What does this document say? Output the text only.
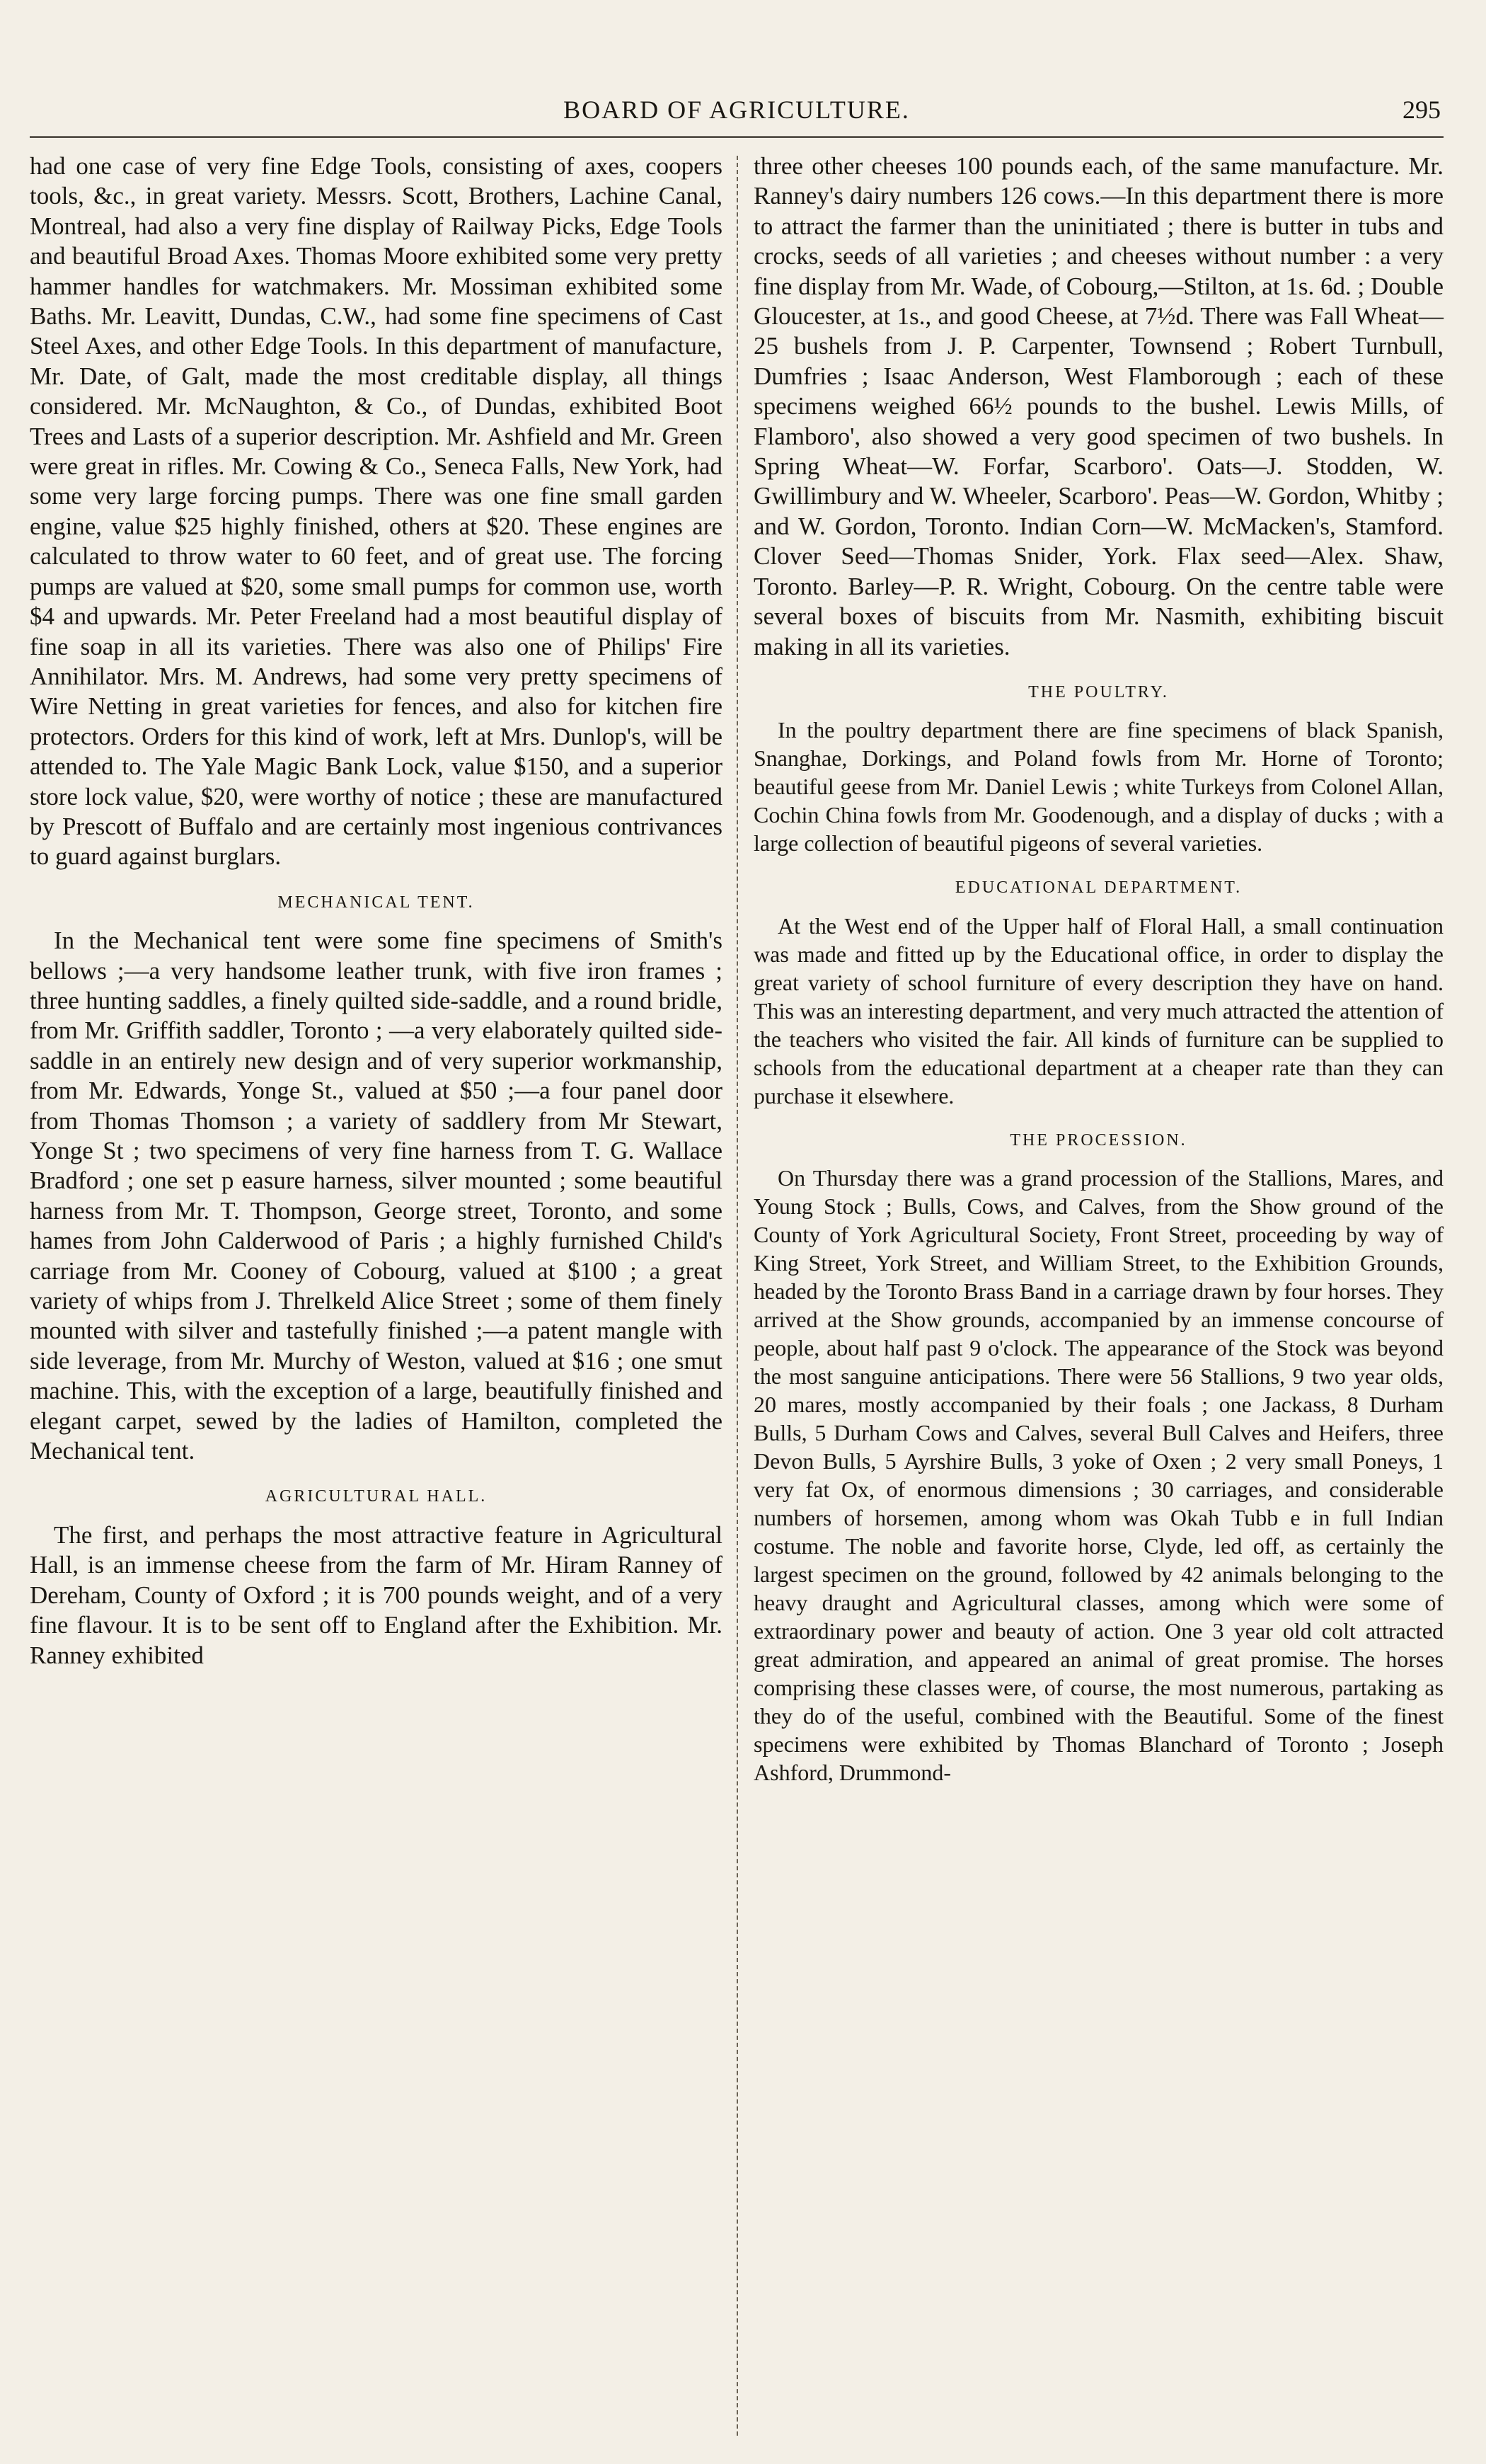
BOARD OF AGRICULTURE.	295

had one case of very fine Edge Tools, consisting of axes, coopers tools, &c., in great variety. Messrs. Scott, Brothers, Lachine Canal, Montreal, had also a very fine display of Railway Picks, Edge Tools and beautiful Broad Axes. Thomas Moore exhibited some very pretty hammer handles for watchmakers. Mr. Mossiman exhibited some Baths. Mr. Leavitt, Dundas, C.W., had some fine specimens of Cast Steel Axes, and other Edge Tools. In this department of manufacture, Mr. Date, of Galt, made the most creditable display, all things considered. Mr. McNaughton, & Co., of Dundas, exhibited Boot Trees and Lasts of a superior description. Mr. Ashfield and Mr. Green were great in rifles. Mr. Cowing & Co., Seneca Falls, New York, had some very large forcing pumps. There was one fine small garden engine, value $25 highly finished, others at $20. These engines are calculated to throw water to 60 feet, and of great use. The forcing pumps are valued at $20, some small pumps for common use, worth $4 and upwards. Mr. Peter Freeland had a most beautiful display of fine soap in all its varieties. There was also one of Philips' Fire Annihilator. Mrs. M. Andrews, had some very pretty specimens of Wire Netting in great varieties for fences, and also for kitchen fire protectors. Orders for this kind of work, left at Mrs. Dunlop's, will be attended to. The Yale Magic Bank Lock, value $150, and a superior store lock value, $20, were worthy of notice ; these are manufactured by Prescott of Buffalo and are certainly most ingenious contrivances to guard against burglars.

MECHANICAL TENT.

In the Mechanical tent were some fine specimens of Smith's bellows ;—a very handsome leather trunk, with five iron frames ; three hunting saddles, a finely quilted side-saddle, and a round bridle, from Mr. Griffith saddler, Toronto ; —a very elaborately quilted side-saddle in an entirely new design and of very superior workmanship, from Mr. Edwards, Yonge St., valued at $50 ;—a four panel door from Thomas Thomson ; a variety of saddlery from Mr Stewart, Yonge St ; two specimens of very fine harness from T. G. Wallace Bradford ; one set p easure harness, silver mounted ; some beautiful harness from Mr. T. Thompson, George street, Toronto, and some hames from John Calderwood of Paris ; a highly furnished Child's carriage from Mr. Cooney of Cobourg, valued at $100 ; a great variety of whips from J. Threlkeld Alice Street ; some of them finely mounted with silver and tastefully finished ;—a patent mangle with side leverage, from Mr. Murchy of Weston, valued at $16 ; one smut machine. This, with the exception of a large, beautifully finished and elegant carpet, sewed by the ladies of Hamilton, completed the Mechanical tent.

AGRICULTURAL HALL.

The first, and perhaps the most attractive feature in Agricultural Hall, is an immense cheese from the farm of Mr. Hiram Ranney of Dereham, County of Oxford ; it is 700 pounds weight, and of a very fine flavour. It is to be sent off to England after the Exhibition. Mr. Ranney exhibited

three other cheeses 100 pounds each, of the same manufacture. Mr. Ranney's dairy numbers 126 cows.—In this department there is more to attract the farmer than the uninitiated ; there is butter in tubs and crocks, seeds of all varieties ; and cheeses without number : a very fine display from Mr. Wade, of Cobourg,—Stilton, at 1s. 6d. ; Double Gloucester, at 1s., and good Cheese, at 7½d. There was Fall Wheat—25 bushels from J. P. Carpenter, Townsend ; Robert Turnbull, Dumfries ; Isaac Anderson, West Flamborough ; each of these specimens weighed 66½ pounds to the bushel. Lewis Mills, of Flamboro', also showed a very good specimen of two bushels. In Spring Wheat—W. Forfar, Scarboro'. Oats—J. Stodden, W. Gwillimbury and W. Wheeler, Scarboro'. Peas—W. Gordon, Whitby ; and W. Gordon, Toronto. Indian Corn—W. McMacken's, Stamford. Clover Seed—Thomas Snider, York. Flax seed—Alex. Shaw, Toronto. Barley—P. R. Wright, Cobourg. On the centre table were several boxes of biscuits from Mr. Nasmith, exhibiting biscuit making in all its varieties.

THE POULTRY.

In the poultry department there are fine specimens of black Spanish, Snanghae, Dorkings, and Poland fowls from Mr. Horne of Toronto; beautiful geese from Mr. Daniel Lewis ; white Turkeys from Colonel Allan, Cochin China fowls from Mr. Goodenough, and a display of ducks ; with a large collection of beautiful pigeons of several varieties.

EDUCATIONAL DEPARTMENT.

At the West end of the Upper half of Floral Hall, a small continuation was made and fitted up by the Educational office, in order to display the great variety of school furniture of every description they have on hand. This was an interesting department, and very much attracted the attention of the teachers who visited the fair. All kinds of furniture can be supplied to schools from the educational department at a cheaper rate than they can purchase it elsewhere.

THE PROCESSION.

On Thursday there was a grand procession of the Stallions, Mares, and Young Stock ; Bulls, Cows, and Calves, from the Show ground of the County of York Agricultural Society, Front Street, proceeding by way of King Street, York Street, and William Street, to the Exhibition Grounds, headed by the Toronto Brass Band in a carriage drawn by four horses. They arrived at the Show grounds, accompanied by an immense concourse of people, about half past 9 o'clock. The appearance of the Stock was beyond the most sanguine anticipations. There were 56 Stallions, 9 two year olds, 20 mares, mostly accompanied by their foals ; one Jackass, 8 Durham Bulls, 5 Durham Cows and Calves, several Bull Calves and Heifers, three Devon Bulls, 5 Ayrshire Bulls, 3 yoke of Oxen ; 2 very small Poneys, 1 very fat Ox, of enormous dimensions ; 30 carriages, and considerable numbers of horsemen, among whom was Okah Tubb e in full Indian costume. The noble and favorite horse, Clyde, led off, as certainly the largest specimen on the ground, followed by 42 animals belonging to the heavy draught and Agricultural classes, among which were some of extraordinary power and beauty of action. One 3 year old colt attracted great admiration, and appeared an animal of great promise. The horses comprising these classes were, of course, the most numerous, partaking as they do of the useful, combined with the Beautiful. Some of the finest specimens were exhibited by Thomas Blanchard of Toronto ; Joseph Ashford, Drummond-
